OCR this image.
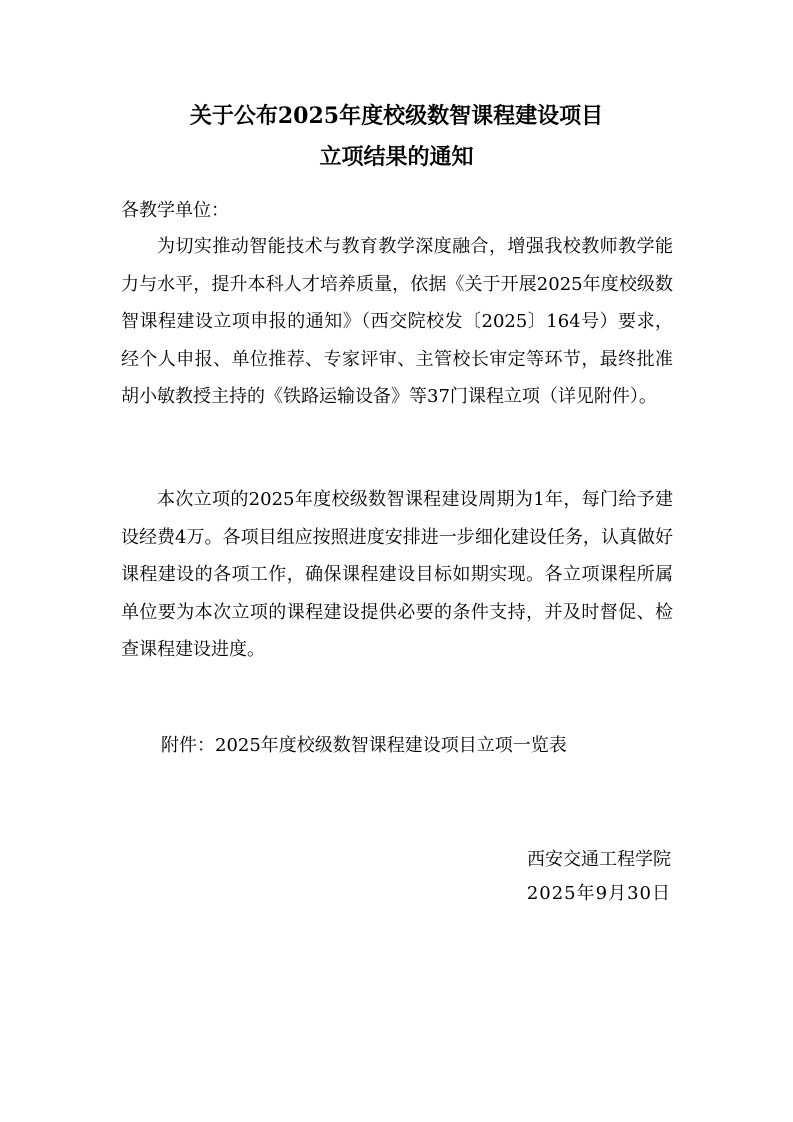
关于公布2025年度校级数智课程建设项目
立项结果的通知
各教学单位：
为切实推动智能技术与教育教学深度融合，增强我校教师教学能力与水平，提升本科人才培养质量，依据《关于开展2025年度校级数智课程建设立项申报的通知》（西交院校发〔2025〕164号）要求，经个人申报、单位推荐、专家评审、主管校长审定等环节，最终批准胡小敏教授主持的《铁路运输设备》等37门课程立项（详见附件）。
本次立项的2025年度校级数智课程建设周期为1年，每门给予建设经费4万。各项目组应按照进度安排进一步细化建设任务，认真做好课程建设的各项工作，确保课程建设目标如期实现。各立项课程所属单位要为本次立项的课程建设提供必要的条件支持，并及时督促、检查课程建设进度。
附件：2025年度校级数智课程建设项目立项一览表
西安交通工程学院
2025年9月30日
